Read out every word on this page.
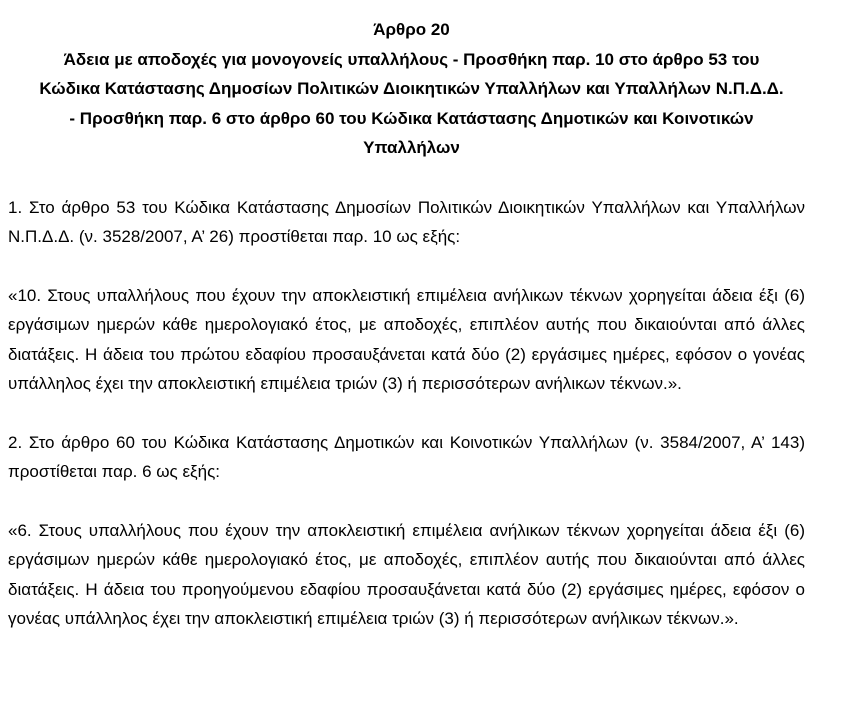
Άρθρο 20
Άδεια με αποδοχές για μονογονείς υπαλλήλους - Προσθήκη παρ. 10 στο άρθρο 53 του Κώδικα Κατάστασης Δημοσίων Πολιτικών Διοικητικών Υπαλλήλων και Υπαλλήλων Ν.Π.Δ.Δ. - Προσθήκη παρ. 6 στο άρθρο 60 του Κώδικα Κατάστασης Δημοτικών και Κοινοτικών Υπαλλήλων

1. Στο άρθρο 53 του Κώδικα Κατάστασης Δημοσίων Πολιτικών Διοικητικών Υπαλλήλων και Υπαλλήλων Ν.Π.Δ.Δ. (ν. 3528/2007, Α’ 26) προστίθεται παρ. 10 ως εξής:

«10. Στους υπαλλήλους που έχουν την αποκλειστική επιμέλεια ανήλικων τέκνων χορηγείται άδεια έξι (6) εργάσιμων ημερών κάθε ημερολογιακό έτος, με αποδοχές, επιπλέον αυτής που δικαιούνται από άλλες διατάξεις. Η άδεια του πρώτου εδαφίου προσαυξάνεται κατά δύο (2) εργάσιμες ημέρες, εφόσον ο γονέας υπάλληλος έχει την αποκλειστική επιμέλεια τριών (3) ή περισσότερων ανήλικων τέκνων.».

2. Στο άρθρο 60 του Κώδικα Κατάστασης Δημοτικών και Κοινοτικών Υπαλλήλων (ν. 3584/2007, Α’ 143) προστίθεται παρ. 6 ως εξής:

«6. Στους υπαλλήλους που έχουν την αποκλειστική επιμέλεια ανήλικων τέκνων χορηγείται άδεια έξι (6) εργάσιμων ημερών κάθε ημερολογιακό έτος, με αποδοχές, επιπλέον αυτής που δικαιούνται από άλλες διατάξεις. Η άδεια του προηγούμενου εδαφίου προσαυξάνεται κατά δύο (2) εργάσιμες ημέρες, εφόσον ο γονέας υπάλληλος έχει την αποκλειστική επιμέλεια τριών (3) ή περισσότερων ανήλικων τέκνων.».
